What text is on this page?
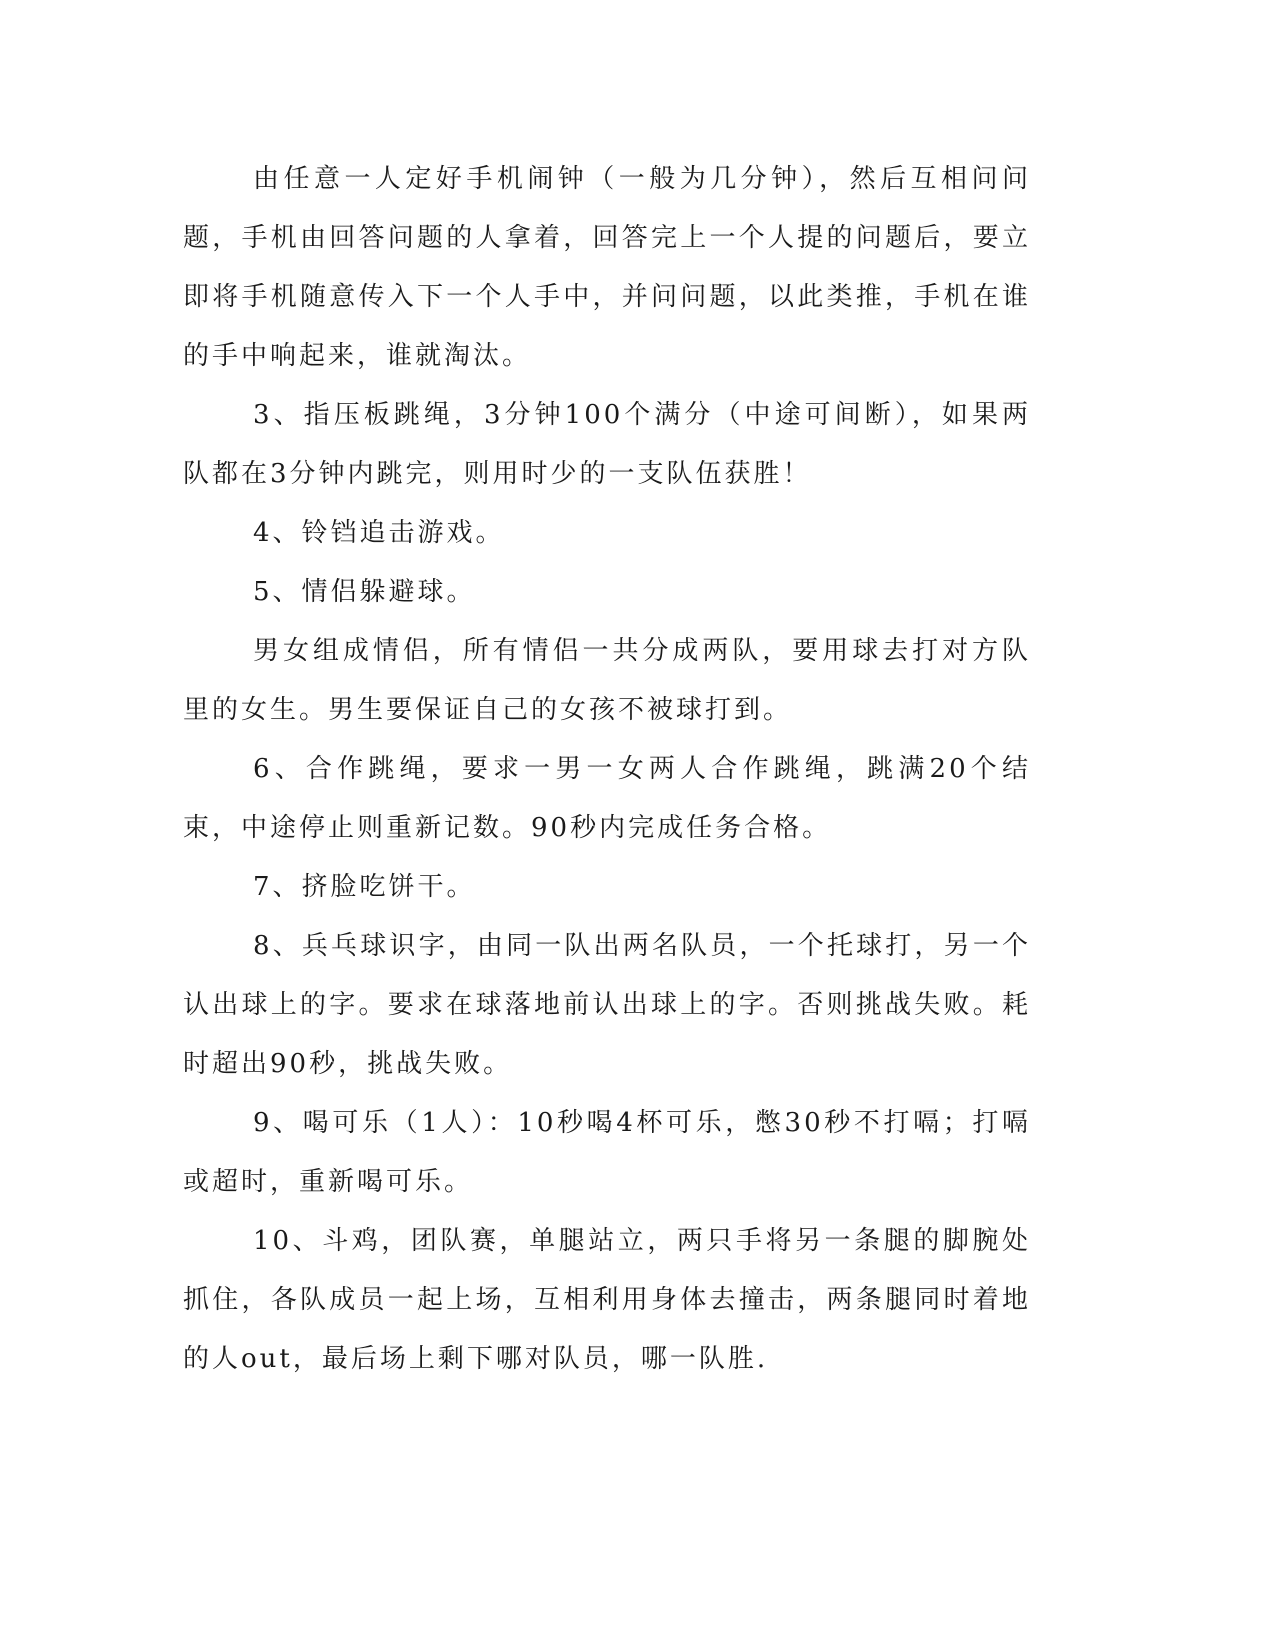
由任意一人定好手机闹钟（一般为几分钟），然后互相问问题，手机由回答问题的人拿着，回答完上一个人提的问题后，要立即将手机随意传入下一个人手中，并问问题，以此类推，手机在谁的手中响起来，谁就淘汰。

3、指压板跳绳，3分钟100个满分（中途可间断），如果两队都在3分钟内跳完，则用时少的一支队伍获胜！

4、铃铛追击游戏。

5、情侣躲避球。

男女组成情侣，所有情侣一共分成两队，要用球去打对方队里的女生。男生要保证自己的女孩不被球打到。

6、合作跳绳，要求一男一女两人合作跳绳，跳满20个结束，中途停止则重新记数。90秒内完成任务合格。

7、挤脸吃饼干。

8、兵乓球识字，由同一队出两名队员，一个托球打，另一个认出球上的字。要求在球落地前认出球上的字。否则挑战失败。耗时超出90秒，挑战失败。

9、喝可乐（1人）：10秒喝4杯可乐，憋30秒不打嗝；打嗝或超时，重新喝可乐。

10、斗鸡，团队赛，单腿站立，两只手将另一条腿的脚腕处抓住，各队成员一起上场，互相利用身体去撞击，两条腿同时着地的人out，最后场上剩下哪对队员，哪一队胜.
